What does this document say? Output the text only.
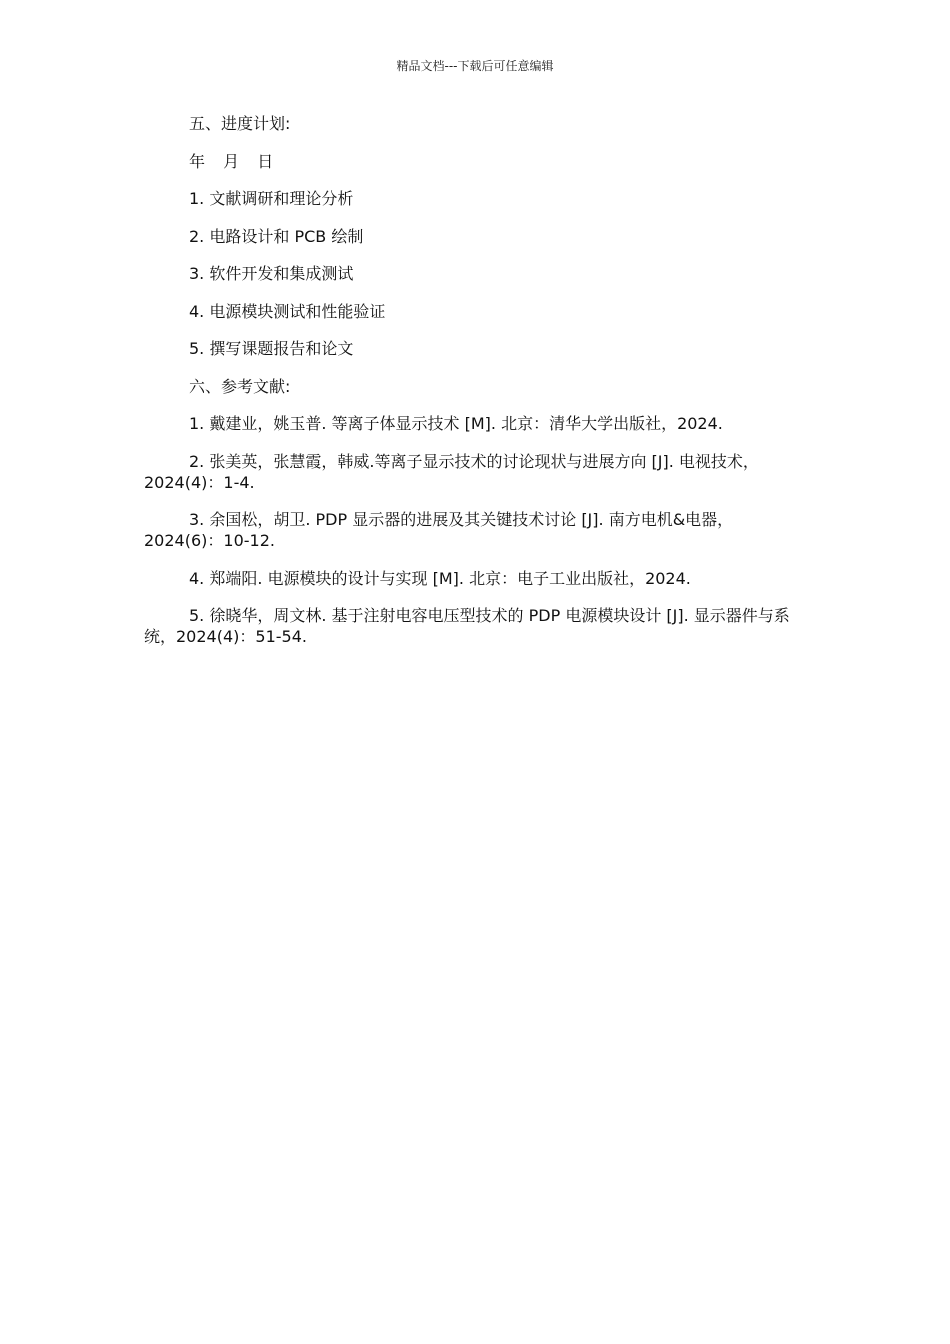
精品文档---下载后可任意编辑

五、进度计划:

年 月 日

1. 文献调研和理论分析

2. 电路设计和 PCB 绘制

3. 软件开发和集成测试

4. 电源模块测试和性能验证

5. 撰写课题报告和论文

六、参考文献:

1. 戴建业，姚玉普. 等离子体显示技术 [M]. 北京：清华大学出版社，2024.

2. 张美英，张慧霞，韩威.等离子显示技术的讨论现状与进展方向 [J]. 电视技术，2024(4)：1-4.

3. 余国松，胡卫. PDP 显示器的进展及其关键技术讨论 [J]. 南方电机&电器，2024(6)：10-12.

4. 郑端阳. 电源模块的设计与实现 [M]. 北京：电子工业出版社，2024.

5. 徐晓华，周文林. 基于注射电容电压型技术的 PDP 电源模块设计 [J]. 显示器件与系统，2024(4)：51-54.
